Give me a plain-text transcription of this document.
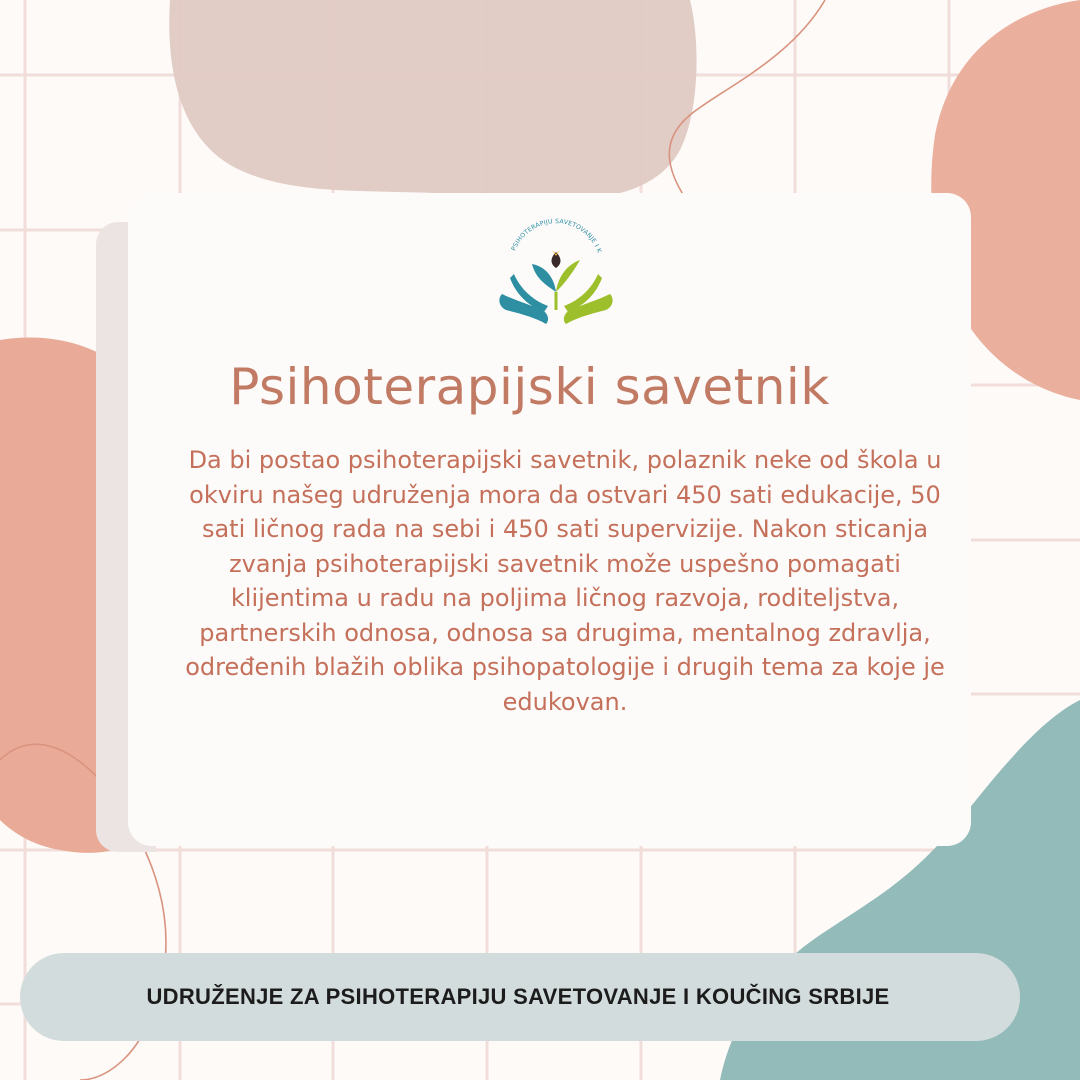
PSIHOTERAPIJU SAVETOVANJE I K
Psihoterapijski savetnik

Da bi postao psihoterapijski savetnik, polaznik neke od škola u okviru našeg udruženja mora da ostvari 450 sati edukacije, 50 sati ličnog rada na sebi i 450 sati supervizije. Nakon sticanja zvanja psihoterapijski savetnik može uspešno pomagati klijentima u radu na poljima ličnog razvoja, roditeljstva, partnerskih odnosa, odnosa sa drugima, mentalnog zdravlja, određenih blažih oblika psihopatologije i drugih tema za koje je edukovan.

UDRUŽENJE ZA PSIHOTERAPIJU SAVETOVANJE I KOUČING SRBIJE
